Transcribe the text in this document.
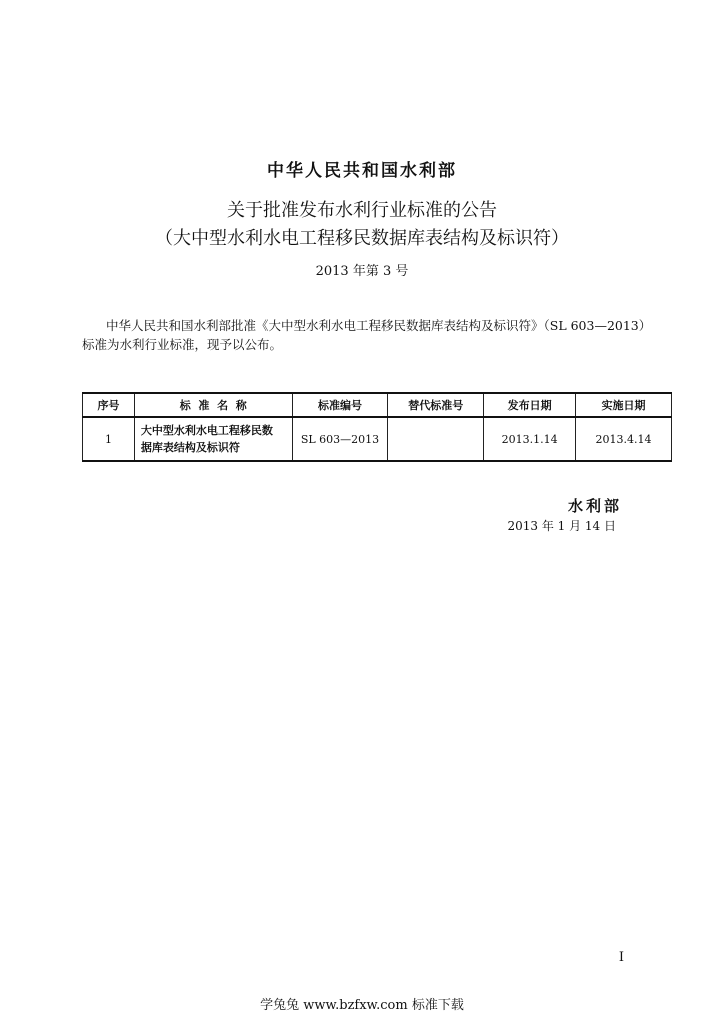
中华人民共和国水利部
关于批准发布水利行业标准的公告
（大中型水利水电工程移民数据库表结构及标识符）
2013 年第 3 号
中华人民共和国水利部批准《大中型水利水电工程移民数据库表结构及标识符》（SL 603—2013）
标准为水利行业标准，现予以公布。
序号	标  准  名  称	标准编号	替代标准号	发布日期	实施日期
1	大中型水利水电工程移民数
据库表结构及标识符	SL 603—2013		2013.1.14	2013.4.14
水利部
2013 年 1 月 14 日
I
学兔兔 www.bzfxw.com 标准下载
